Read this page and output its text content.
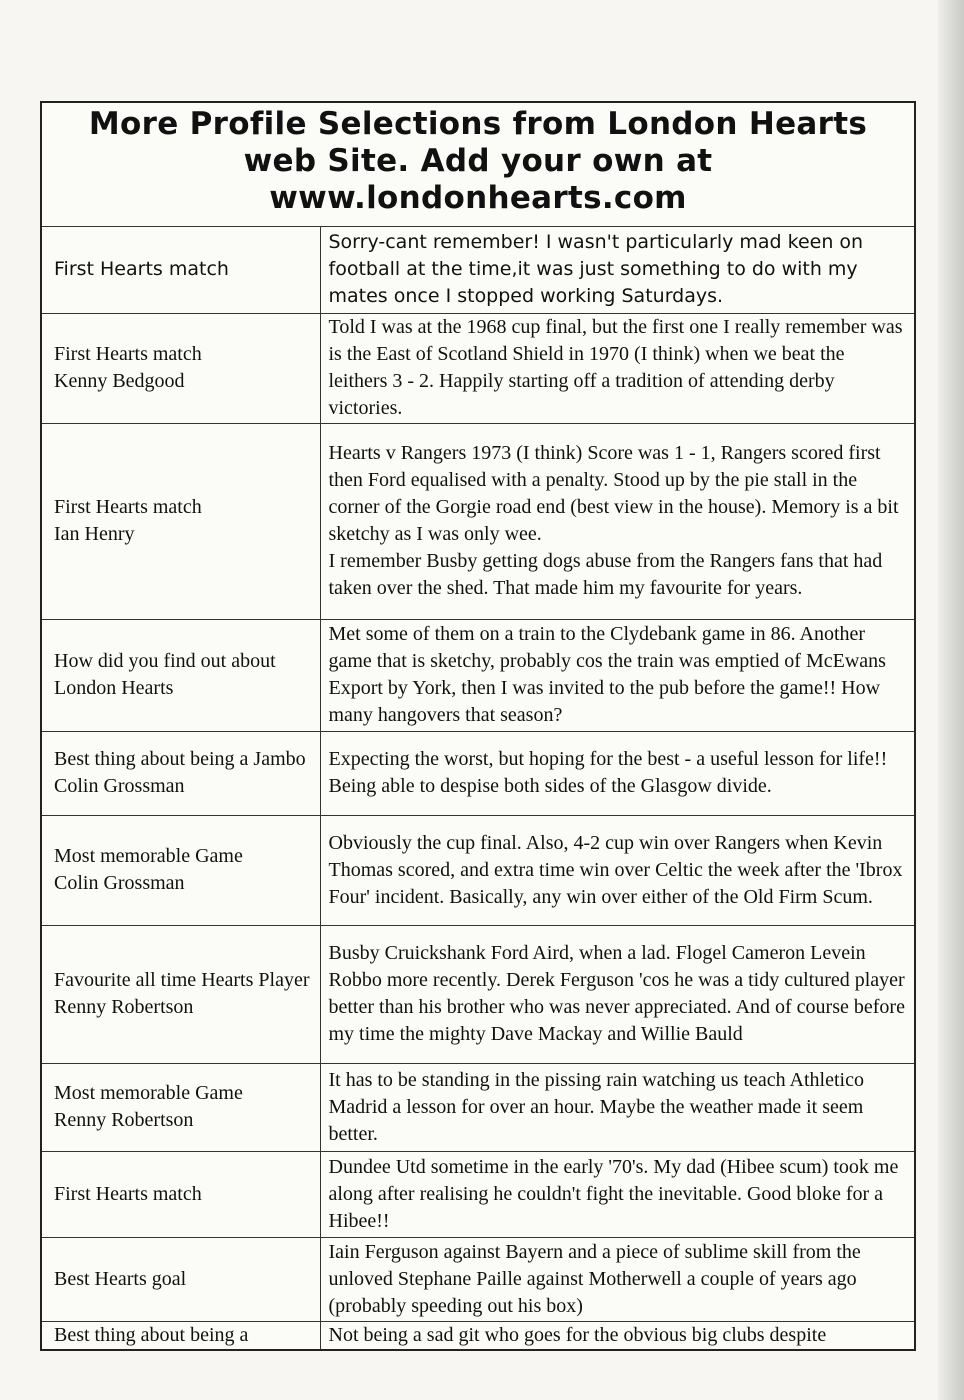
More Profile Selections from London Hearts
web Site. Add your own at
www.londonhearts.com
First Hearts match	Sorry-cant remember! I wasn't particularly mad keen on football at the time,it was just something to do with my mates once I stopped working Saturdays.

First Hearts match
Kenny Bedgood	Told I was at the 1968 cup final, but the first one I really remember was is the East of Scotland Shield in 1970 (I think) when we beat the leithers 3 - 2. Happily starting off a tradition of attending derby victories.

First Hearts match
Ian Henry	Hearts v Rangers 1973 (I think) Score was 1 - 1, Rangers scored first then Ford equalised with a penalty. Stood up by the pie stall in the corner of the Gorgie road end (best view in the house). Memory is a bit sketchy as I was only wee.
I remember Busby getting dogs abuse from the Rangers fans that had taken over the shed. That made him my favourite for years.

How did you find out about London Hearts	Met some of them on a train to the Clydebank game in 86. Another game that is sketchy, probably cos the train was emptied of McEwans Export by York, then I was invited to the pub before the game!! How many hangovers that season?

Best thing about being a Jambo
Colin Grossman	Expecting the worst, but hoping for the best - a useful lesson for life!! Being able to despise both sides of the Glasgow divide.

Most memorable Game
Colin Grossman	Obviously the cup final. Also, 4-2 cup win over Rangers when Kevin Thomas scored, and extra time win over Celtic the week after the 'Ibrox Four' incident. Basically, any win over either of the Old Firm Scum.

Favourite all time Hearts Player
Renny Robertson	Busby Cruickshank Ford Aird, when a lad. Flogel Cameron Levein Robbo more recently. Derek Ferguson 'cos he was a tidy cultured player better than his brother who was never appreciated. And of course before my time the mighty Dave Mackay and Willie Bauld

Most memorable Game
Renny Robertson	It has to be standing in the pissing rain watching us teach Athletico Madrid a lesson for over an hour. Maybe the weather made it seem better.

First Hearts match	Dundee Utd sometime in the early '70's. My dad (Hibee scum) took me along after realising he couldn't fight the inevitable. Good bloke for a Hibee!!

Best Hearts goal	Iain Ferguson against Bayern and a piece of sublime skill from the unloved Stephane Paille against Motherwell a couple of years ago (probably speeding out his box)

Best thing about being a	Not being a sad git who goes for the obvious big clubs despite
